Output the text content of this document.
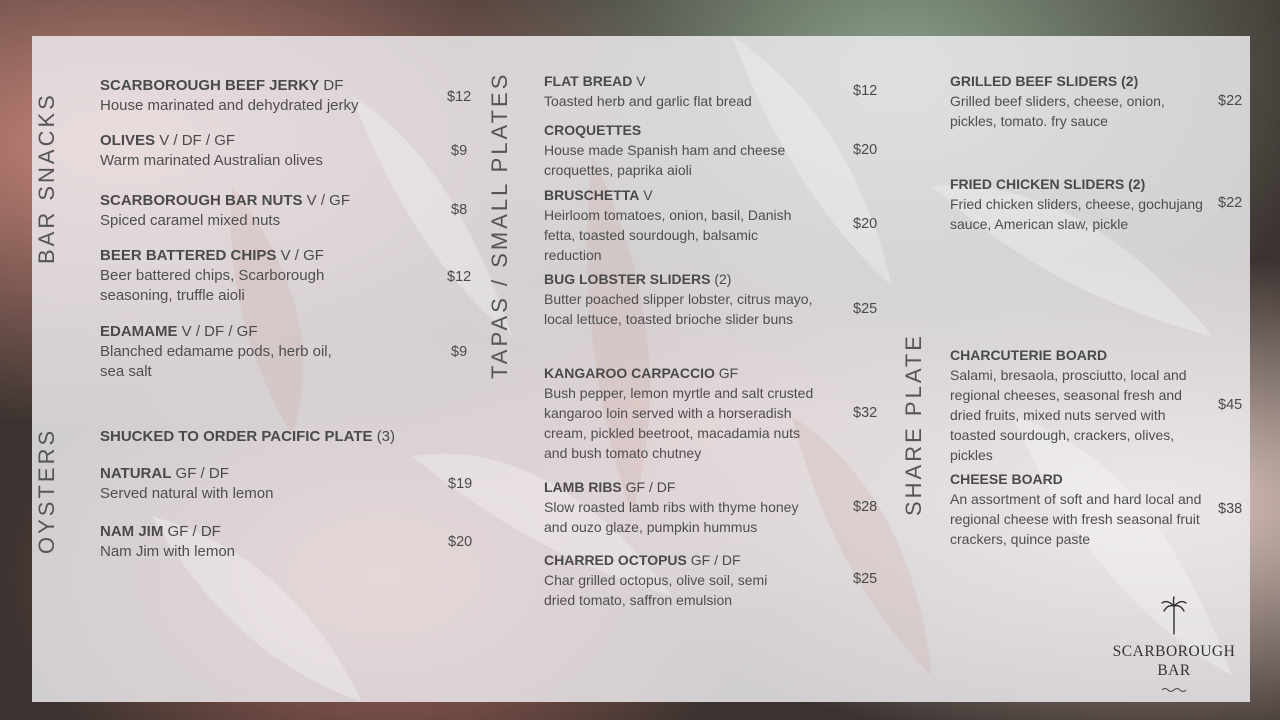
BAR SNACKS
OYSTERS
TAPAS / SMALL PLATES
SHARE PLATE
SCARBOROUGH BEEF JERKY DF
House marinated and dehydrated jerky	$12
OLIVES V / DF / GF
Warm marinated Australian olives
$9
SCARBOROUGH BAR NUTS V / GF
Spiced caramel mixed nuts
$8
BEER BATTERED CHIPS V / GF
Beer battered chips, Scarborough seasoning, truffle aioli
$12
EDAMAME V / DF / GF
Blanched edamame pods, herb oil, sea salt
$9
SHUCKED TO ORDER PACIFIC PLATE (3)
NATURAL GF / DF
Served natural with lemon
$19
NAM JIM GF / DF
Nam Jim with lemon
$20
FLAT BREAD V
Toasted herb and garlic flat bread
$12
CROQUETTES
House made Spanish ham and cheese croquettes, paprika aioli
$20
BRUSCHETTA V
Heirloom tomatoes, onion, basil, Danish fetta, toasted sourdough, balsamic reduction
$20
BUG LOBSTER SLIDERS (2)
Butter poached slipper lobster, citrus mayo, local lettuce, toasted brioche slider buns
$25
KANGAROO CARPACCIO GF
Bush pepper, lemon myrtle and salt crusted kangaroo loin served with a horseradish cream, pickled beetroot, macadamia nuts and bush tomato chutney
$32
LAMB RIBS GF / DF
Slow roasted lamb ribs with thyme honey and ouzo glaze, pumpkin hummus
$28
CHARRED OCTOPUS GF / DF
Char grilled octopus, olive soil, semi dried tomato, saffron emulsion
$25
GRILLED BEEF SLIDERS (2)
Grilled beef sliders, cheese, onion, pickles, tomato. fry sauce
$22
FRIED CHICKEN SLIDERS (2)
Fried chicken sliders, cheese, gochujang sauce, American slaw, pickle
$22
CHARCUTERIE BOARD
Salami, bresaola, prosciutto, local and regional cheeses, seasonal fresh and dried fruits, mixed nuts served with toasted sourdough, crackers, olives, pickles
$45
CHEESE BOARD
An assortment of soft and hard local and regional cheese with fresh seasonal fruit crackers, quince paste
$38
SCARBOROUGH
BAR
